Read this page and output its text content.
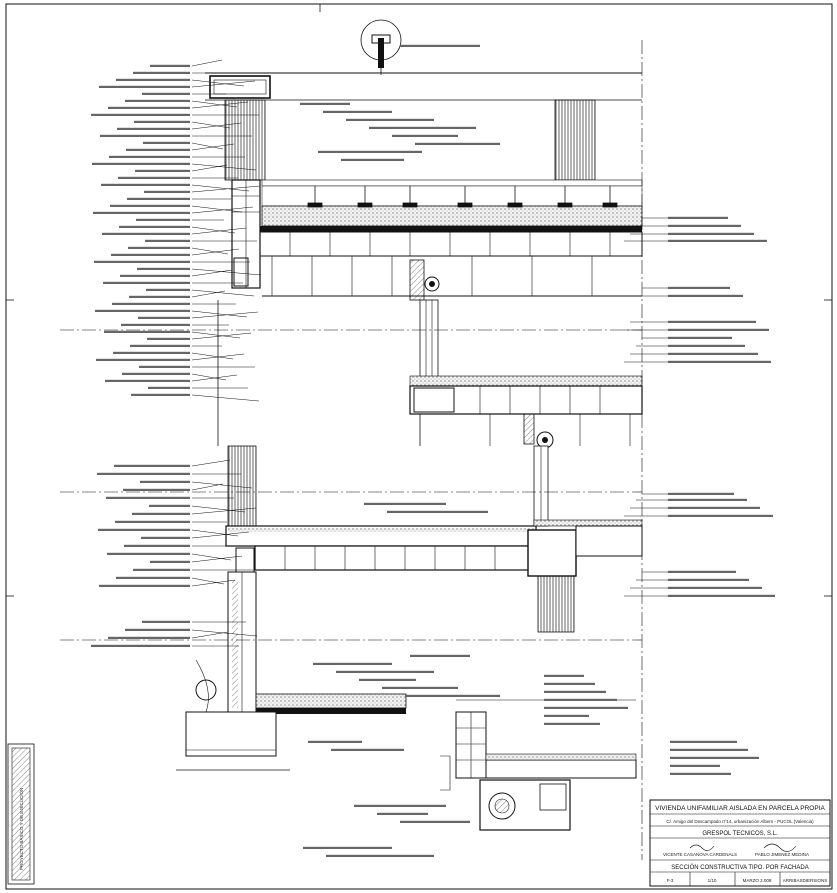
PROYECTO BÁSICO Y DE EJECUCIÓN	VIVIENDA UNIFAMILIAR AISLADA EN PARCELA PROPIA
C/. Amigo del Descampado nº14, urbanización Albers - PUCOL (Valencia)
GRESPOL TECNICOS, S.L.
VICENTE CASANOVA CARDENALS	PABLO JIMENEZ MEDINA
SECCIÓN CONSTRUCTIVA TIPO. POR FACHADA
F-3	1/10	MARZO 2.008	ARRIBASDIERSIONS
